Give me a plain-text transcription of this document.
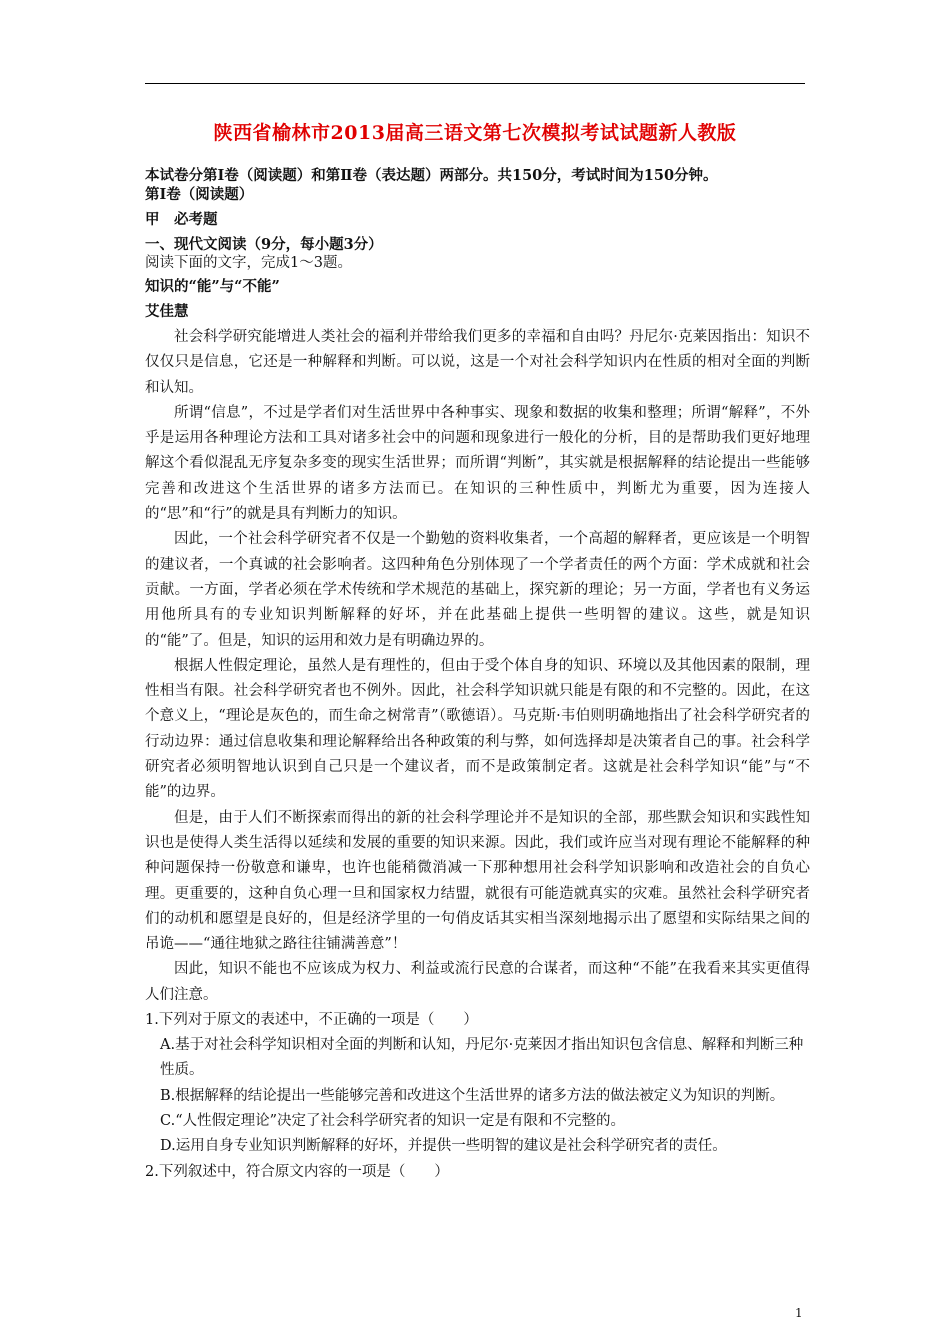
陕西省榆林市2013届高三语文第七次模拟考试试题新人教版

本试卷分第Ⅰ卷（阅读题）和第Ⅱ卷（表达题）两部分。共150分，考试时间为150分钟。

第Ⅰ卷（阅读题）

甲　必考题

一、现代文阅读（9分，每小题3分）

阅读下面的文字，完成1～3题。

知识的“能”与“不能”

艾佳慧

社会科学研究能增进人类社会的福利并带给我们更多的幸福和自由吗？丹尼尔·克莱因指出：知识不仅仅只是信息，它还是一种解释和判断。可以说，这是一个对社会科学知识内在性质的相对全面的判断和认知。

所谓“信息”，不过是学者们对生活世界中各种事实、现象和数据的收集和整理；所谓“解释”，不外乎是运用各种理论方法和工具对诸多社会中的问题和现象进行一般化的分析，目的是帮助我们更好地理解这个看似混乱无序复杂多变的现实生活世界；而所谓“判断”，其实就是根据解释的结论提出一些能够完善和改进这个生活世界的诸多方法而已。在知识的三种性质中，判断尤为重要，因为连接人的“思”和“行”的就是具有判断力的知识。

因此，一个社会科学研究者不仅是一个勤勉的资料收集者，一个高超的解释者，更应该是一个明智的建议者，一个真诚的社会影响者。这四种角色分别体现了一个学者责任的两个方面：学术成就和社会贡献。一方面，学者必须在学术传统和学术规范的基础上，探究新的理论；另一方面，学者也有义务运用他所具有的专业知识判断解释的好坏，并在此基础上提供一些明智的建议。这些，就是知识的“能”了。但是，知识的运用和效力是有明确边界的。

根据人性假定理论，虽然人是有理性的，但由于受个体自身的知识、环境以及其他因素的限制，理性相当有限。社会科学研究者也不例外。因此，社会科学知识就只能是有限的和不完整的。因此，在这个意义上，“理论是灰色的，而生命之树常青”（歌德语）。马克斯·韦伯则明确地指出了社会科学研究者的行动边界：通过信息收集和理论解释给出各种政策的利与弊，如何选择却是决策者自己的事。社会科学研究者必须明智地认识到自己只是一个建议者，而不是政策制定者。这就是社会科学知识“能”与“不能”的边界。

但是，由于人们不断探索而得出的新的社会科学理论并不是知识的全部，那些默会知识和实践性知识也是使得人类生活得以延续和发展的重要的知识来源。因此，我们或许应当对现有理论不能解释的种种问题保持一份敬意和谦卑，也许也能稍微消减一下那种想用社会科学知识影响和改造社会的自负心理。更重要的，这种自负心理一旦和国家权力结盟，就很有可能造就真实的灾难。虽然社会科学研究者们的动机和愿望是良好的，但是经济学里的一句俏皮话其实相当深刻地揭示出了愿望和实际结果之间的吊诡——“通往地狱之路往往铺满善意”！

因此，知识不能也不应该成为权力、利益或流行民意的合谋者，而这种“不能”在我看来其实更值得人们注意。

1.下列对于原文的表述中，不正确的一项是（　　）

A.基于对社会科学知识相对全面的判断和认知，丹尼尔·克莱因才指出知识包含信息、解释和判断三种性质。
B.根据解释的结论提出一些能够完善和改进这个生活世界的诸多方法的做法被定义为知识的判断。
C.“人性假定理论”决定了社会科学研究者的知识一定是有限和不完整的。
D.运用自身专业知识判断解释的好坏，并提供一些明智的建议是社会科学研究者的责任。

2.下列叙述中，符合原文内容的一项是（　　）

1
